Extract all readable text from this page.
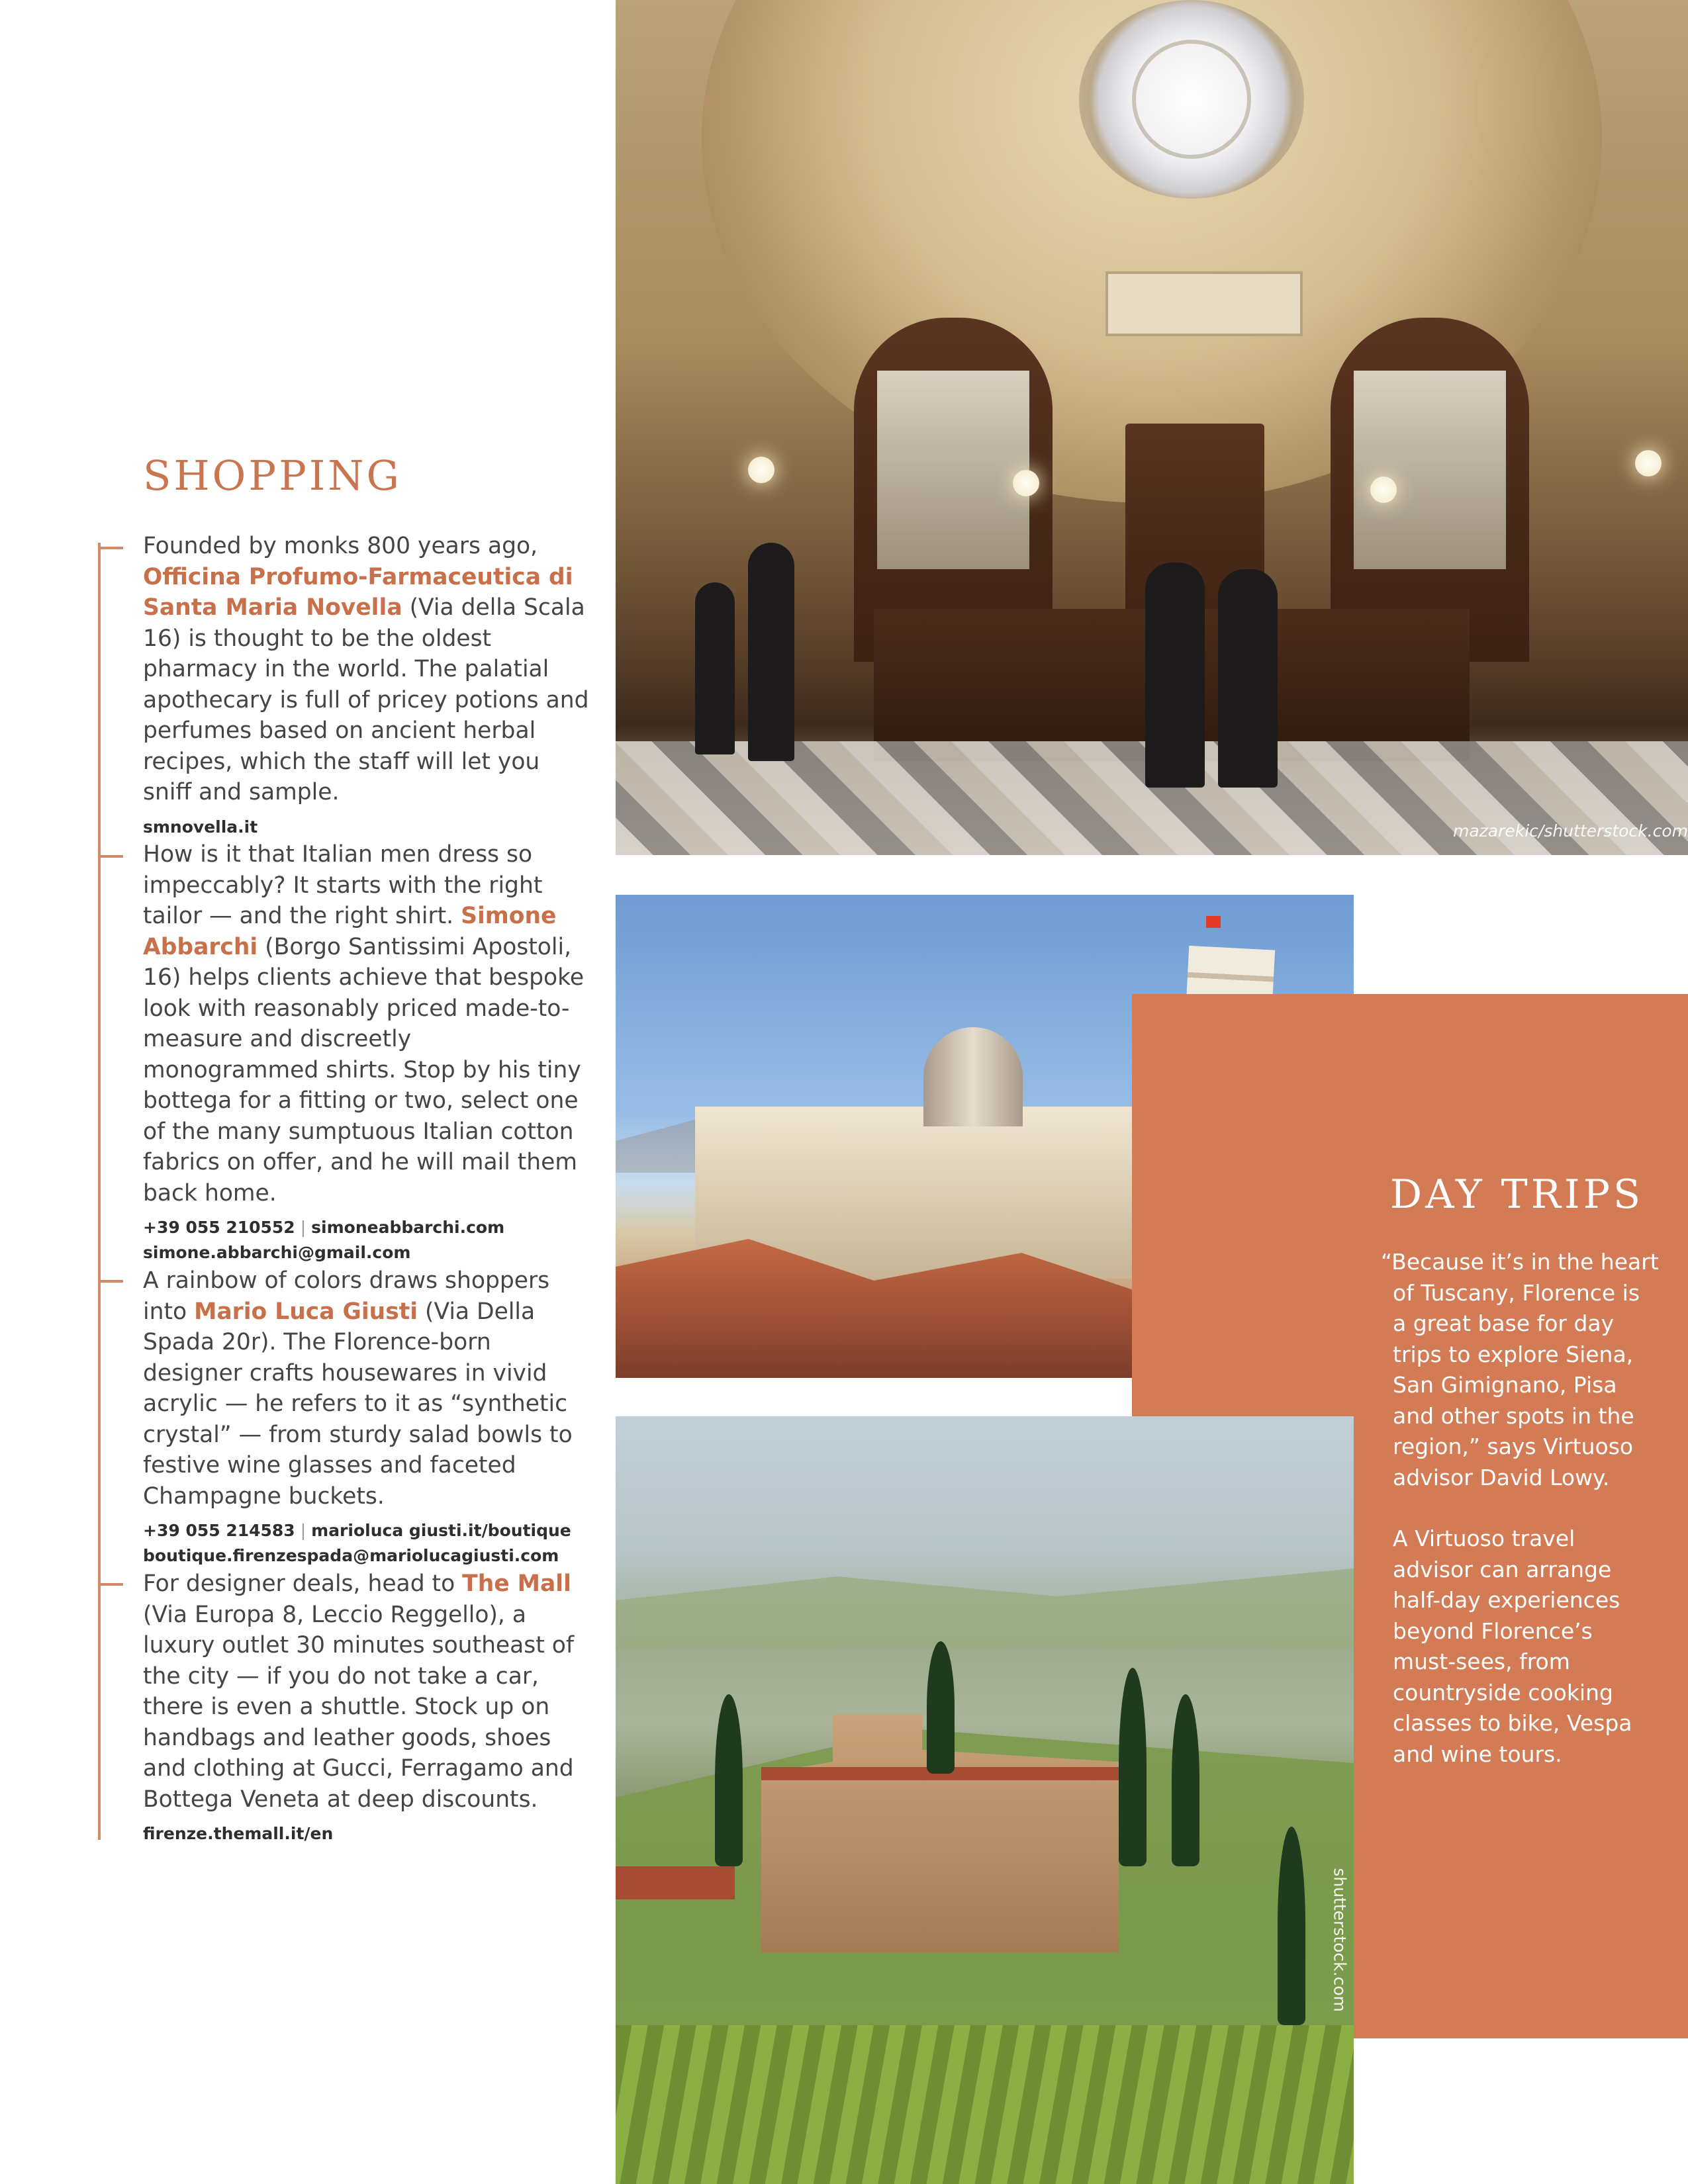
SHOPPING

Founded by monks 800 years ago, Officina Profumo-Farmaceutica di Santa Maria Novella (Via della Scala 16) is thought to be the oldest pharmacy in the world. The palatial apothecary is full of pricey potions and perfumes based on ancient herbal recipes, which the staff will let you sniff and sample.

smnovella.it

How is it that Italian men dress so impeccably? It starts with the right tailor — and the right shirt. Simone Abbarchi (Borgo Santissimi Apostoli, 16) helps clients achieve that bespoke look with reasonably priced made-to-measure and discreetly monogrammed shirts. Stop by his tiny bottega for a fitting or two, select one of the many sumptuous Italian cotton fabrics on offer, and he will mail them back home.

+39 055 210552 | simoneabbarchi.com
simone.abbarchi@gmail.com

A rainbow of colors draws shoppers into Mario Luca Giusti (Via Della Spada 20r). The Florence-born designer crafts housewares in vivid acrylic — he refers to it as “synthetic crystal” — from sturdy salad bowls to festive wine glasses and faceted Champagne buckets.

+39 055 214583 | marioluca giusti.it/boutique
boutique.firenzespada@mariolucagiusti.com

For designer deals, head to The Mall (Via Europa 8, Leccio Reggello), a luxury outlet 30 minutes southeast of the city — if you do not take a car, there is even a shuttle. Stock up on handbags and leather goods, shoes and clothing at Gucci, Ferragamo and Bottega Veneta at deep discounts.

firenze.themall.it/en
mazarekic/shutterstock.com
DAY TRIPS

“Because it’s in the heart of Tuscany, Florence is a great base for day trips to explore Siena, San Gimignano, Pisa and other spots in the region,” says Virtuoso advisor David Lowy.

A Virtuoso travel advisor can arrange half-day experiences beyond Florence’s must-sees, from countryside cooking classes to bike, Vespa and wine tours.

shutterstock.com
